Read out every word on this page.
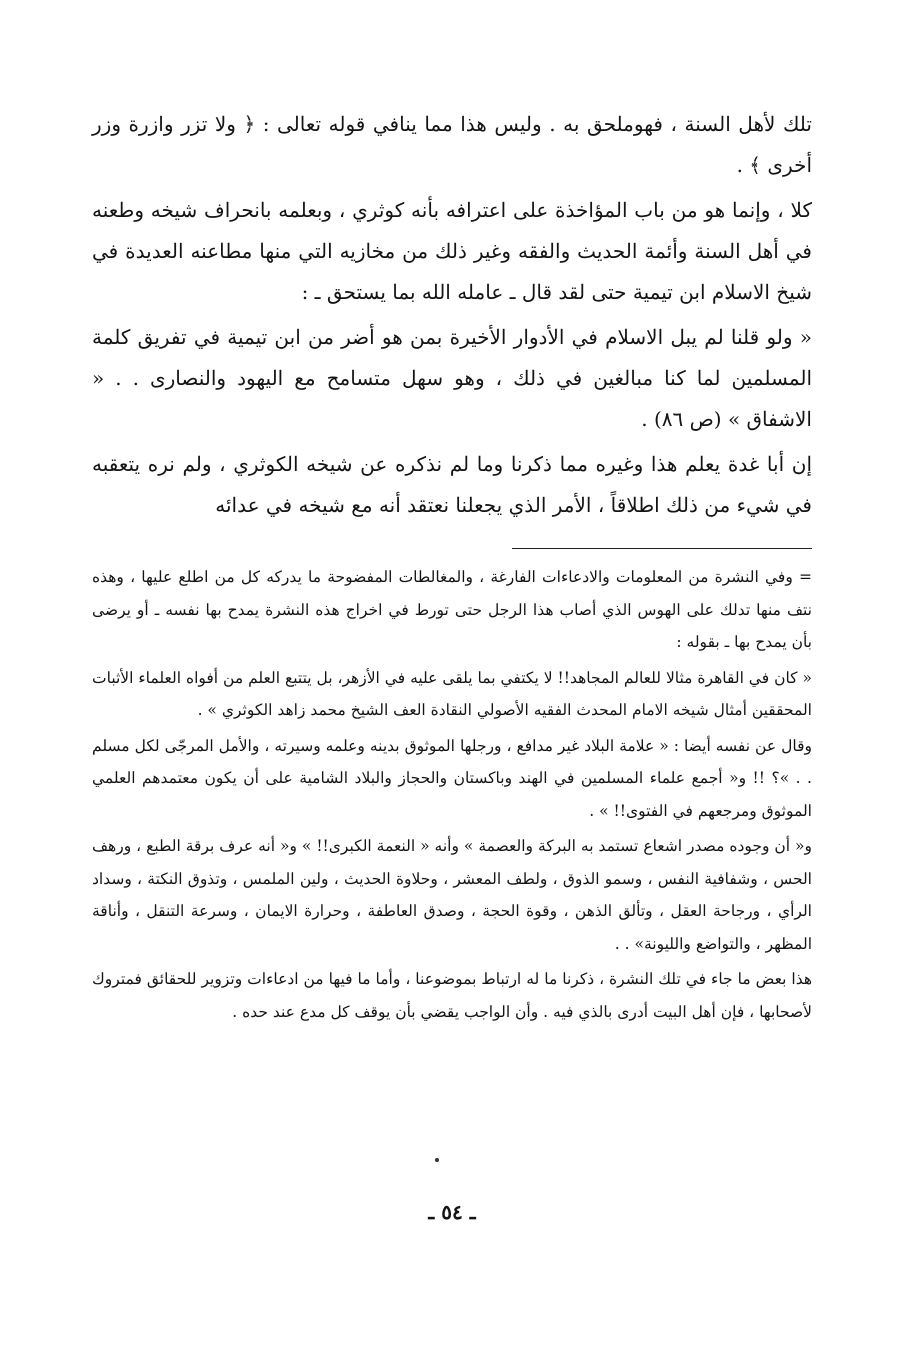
تلك لأهل السنة ، فهوملحق به . وليس هذا مما ينافي قوله تعالى : ﴿ ولا تزر وازرة وزر أخرى ﴾ .

كلا ، وإنما هو من باب المؤاخذة على اعترافه بأنه كوثري ، وبعلمه بانحراف شيخه وطعنه في أهل السنة وأئمة الحديث والفقه وغير ذلك من مخازيه التي منها مطاعنه العديدة في شيخ الاسلام ابن تيمية حتى لقد قال ـ عامله الله بما يستحق ـ :

« ولو قلنا لم يبل الاسلام في الأدوار الأخيرة بمن هو أضر من ابن تيمية في تفريق كلمة المسلمين لما كنا مبالغين في ذلك ، وهو سهل متسامح مع اليهود والنصارى . . « الاشفاق » (ص ٨٦) .

إن أبا غدة يعلم هذا وغيره مما ذكرنا وما لم نذكره عن شيخه الكوثري ، ولم نره يتعقبه في شيء من ذلك اطلاقاً ، الأمر الذي يجعلنا نعتقد أنه مع شيخه في عدائه

= وفي النشرة من المعلومات والادعاءات الفارغة ، والمغالطات المفضوحة ما يدركه كل من اطلع عليها ، وهذه نتف منها تدلك على الهوس الذي أصاب هذا الرجل حتى تورط في اخراج هذه النشرة يمدح بها نفسه ـ أو يرضى بأن يمدح بها ـ بقوله :

« كان في القاهرة مثالا للعالم المجاهد!! لا يكتفي بما يلقى عليه في الأزهر، بل يتتبع العلم من أفواه العلماء الأثبات المحققين أمثال شيخه الامام المحدث الفقيه الأصولي النقادة العف الشيخ محمد زاهد الكوثري » .

وقال عن نفسه أيضا : « علامة البلاد غير مدافع ، ورجلها الموثوق بدينه وعلمه وسيرته ، والأمل المرجّى لكل مسلم . . »؟ !! و« أجمع علماء المسلمين في الهند وباكستان والحجاز والبلاد الشامية على أن يكون معتمدهم العلمي الموثوق ومرجعهم في الفتوى!! » .

و« أن وجوده مصدر اشعاع تستمد به البركة والعصمة » وأنه « النعمة الكبرى!! » و« أنه عرف برقة الطبع ، ورهف الحس ، وشفافية النفس ، وسمو الذوق ، ولطف المعشر ، وحلاوة الحديث ، ولين الملمس ، وتذوق النكتة ، وسداد الرأي ، ورجاحة العقل ، وتألق الذهن ، وقوة الحجة ، وصدق العاطفة ، وحرارة الايمان ، وسرعة التنقل ، وأناقة المظهر ، والتواضع والليونة» . .

هذا بعض ما جاء في تلك النشرة ، ذكرنا ما له ارتباط بموضوعنا ، وأما ما فيها من ادعاءات وتزوير للحقائق فمتروك لأصحابها ، فإن أهل البيت أدرى بالذي فيه . وأن الواجب يقضي بأن يوقف كل مدع عند حده .

ـ ٥٤ ـ
